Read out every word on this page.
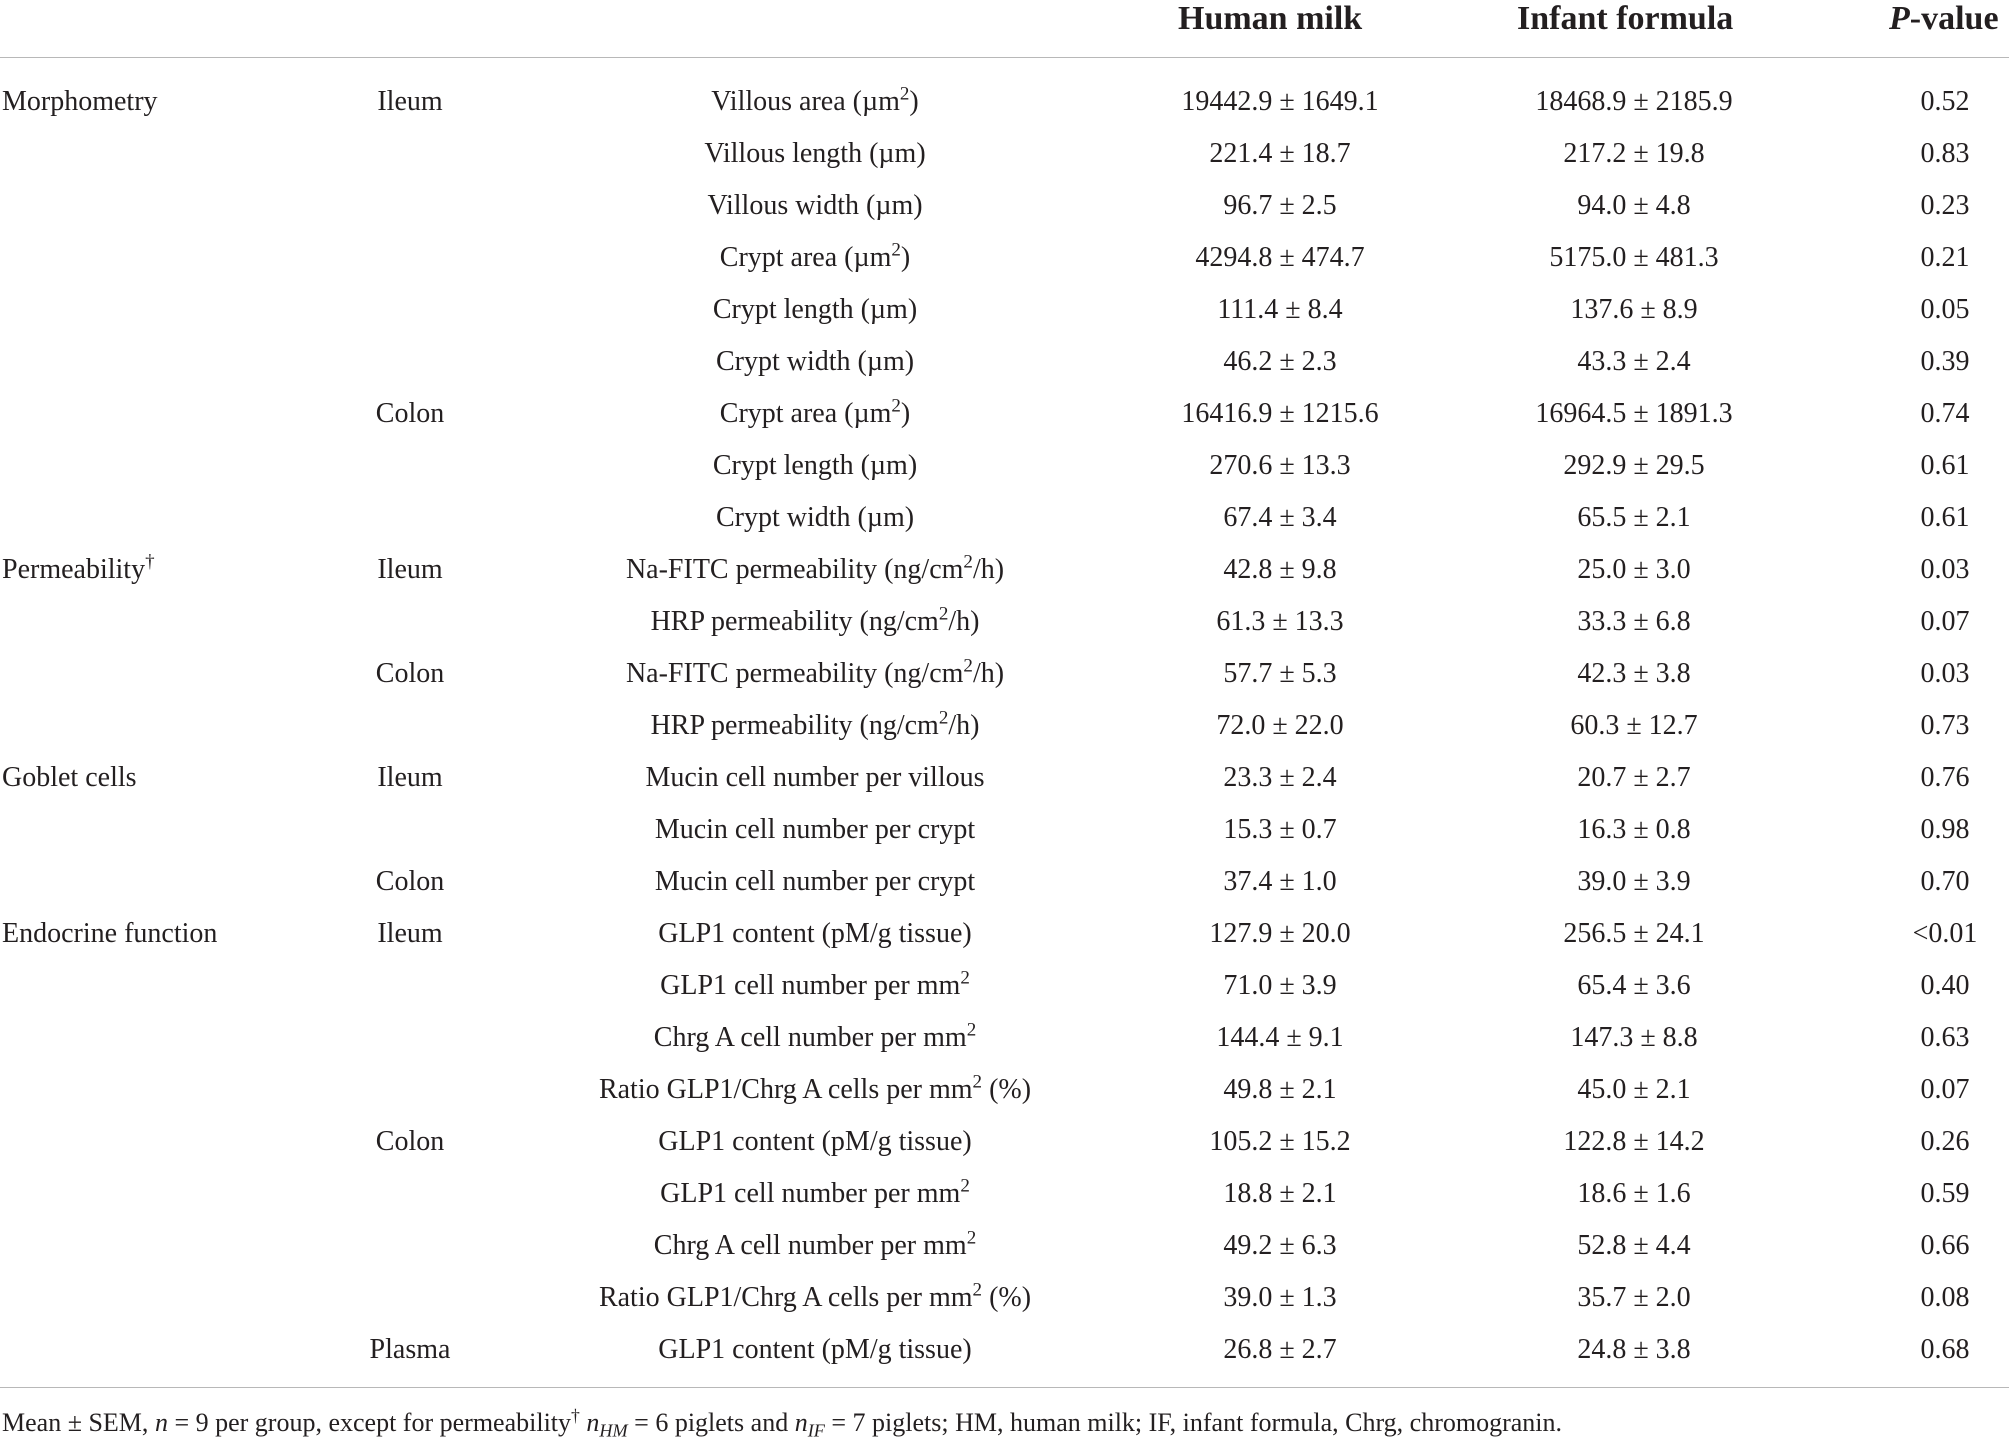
Human milk	Infant formula	P-value
Morphometry	Ileum	Villous area (µm$^2$)	19442.9 ± 1649.1	18468.9 ± 2185.9	0.52
Villous length (µm)	221.4 ± 18.7	217.2 ± 19.8	0.83
Villous width (µm)	96.7 ± 2.5	94.0 ± 4.8	0.23
Crypt area (µm$^2$)	4294.8 ± 474.7	5175.0 ± 481.3	0.21
Crypt length (µm)	111.4 ± 8.4	137.6 ± 8.9	0.05
Crypt width (µm)	46.2 ± 2.3	43.3 ± 2.4	0.39
Colon	Crypt area (µm$^2$)	16416.9 ± 1215.6	16964.5 ± 1891.3	0.74
Crypt length (µm)	270.6 ± 13.3	292.9 ± 29.5	0.61
Crypt width (µm)	67.4 ± 3.4	65.5 ± 2.1	0.61
Permeability†	Ileum	Na-FITC permeability $(ng/cm^2/h)$	42.8 ± 9.8	25.0 ± 3.0	0.03
HRP permeability $(ng/cm^2/h)$	61.3 ± 13.3	33.3 ± 6.8	0.07
Colon	Na-FITC permeability $(ng/cm^2/h)$	57.7 ± 5.3	42.3 ± 3.8	0.03
HRP permeability $(ng/cm^2/h)$	72.0 ± 22.0	60.3 ± 12.7	0.73
Goblet cells	Ileum	Mucin cell number per villous	23.3 ± 2.4	20.7 ± 2.7	0.76
Mucin cell number per crypt	15.3 ± 0.7	16.3 ± 0.8	0.98
Colon	Mucin cell number per crypt	37.4 ± 1.0	39.0 ± 3.9	0.70
Endocrine function	Ileum	GLP1 content (pM/g tissue)	127.9 ± 20.0	256.5 ± 24.1	<0.01
GLP1 cell number per $mm^2$	71.0 ± 3.9	65.4 ± 3.6	0.40
Chrg A cell number per $mm^2$	144.4 ± 9.1	147.3 ± 8.8	0.63
Ratio GLP1/Chrg A cells per $mm^2$ (%)	49.8 ± 2.1	45.0 ± 2.1	0.07
Colon	GLP1 content (pM/g tissue)	105.2 ± 15.2	122.8 ± 14.2	0.26
GLP1 cell number per $mm^2$	18.8 ± 2.1	18.6 ± 1.6	0.59
Chrg A cell number per $mm^2$	49.2 ± 6.3	52.8 ± 4.4	0.66
Ratio GLP1/Chrg A cells per $mm^2$ (%)	39.0 ± 1.3	35.7 ± 2.0	0.08
Plasma	GLP1 content (pM/g tissue)	26.8 ± 2.7	24.8 ± 3.8	0.68
Mean ± SEM, n = 9 per group, except for permeability† $n_{HM} = 6$ piglets and $n_{IF} = 7$ piglets; HM, human milk; IF, infant formula, Chrg, chromogranin.
